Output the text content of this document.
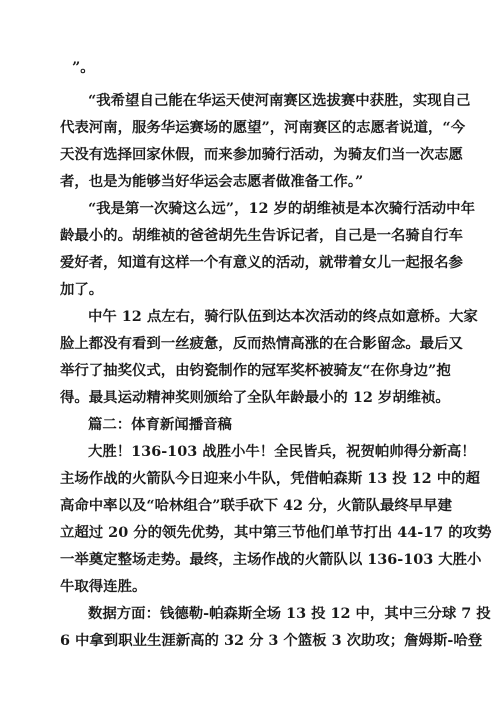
”。
“我希望自己能在华运天使河南赛区选拔赛中获胜，实现自己
代表河南，服务华运赛场的愿望”，河南赛区的志愿者说道，“今
天没有选择回家休假，而来参加骑行活动，为骑友们当一次志愿
者，也是为能够当好华运会志愿者做准备工作。”
“我是第一次骑这么远”，12 岁的胡维祯是本次骑行活动中年
龄最小的。胡维祯的爸爸胡先生告诉记者，自己是一名骑自行车
爱好者，知道有这样一个有意义的活动，就带着女儿一起报名参
加了。
中午 12 点左右，骑行队伍到达本次活动的终点如意桥。大家
脸上都没有看到一丝疲惫，反而热情高涨的在合影留念。最后又
举行了抽奖仪式，由钧瓷制作的冠军奖杯被骑友“在你身边”抱
得。最具运动精神奖则颁给了全队年龄最小的 12 岁胡维祯。
篇二：体育新闻播音稿
大胜！136-103 战胜小牛！全民皆兵，祝贺帕帅得分新高！
主场作战的火箭队今日迎来小牛队，凭借帕森斯 13 投 12 中的超
高命中率以及“哈林组合”联手砍下 42 分，火箭队最终早早建
立超过 20 分的领先优势，其中第三节他们单节打出 44-17 的攻势
一举奠定整场走势。最终，主场作战的火箭队以 136-103 大胜小
牛取得连胜。
数据方面：钱德勒-帕森斯全场 13 投 12 中，其中三分球 7 投
6 中拿到职业生涯新高的 32 分 3 个篮板 3 次助攻；詹姆斯-哈登
